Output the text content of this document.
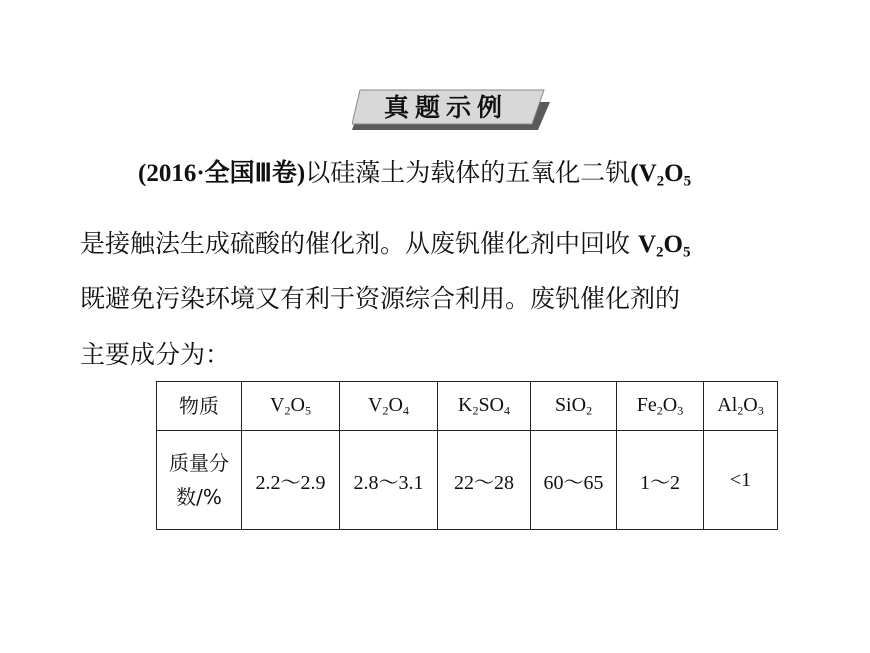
真题示例
(2016·全国Ⅲ卷)以硅藻土为载体的五氧化二钒($V_2O_5$
是接触法生成硫酸的催化剂。从废钒催化剂中回收 $V_2O_5$
既避免污染环境又有利于资源综合利用。废钒催化剂的
主要成分为：
物质	$V_2O_5$	$V_2O_4$	$K_2SO_4$	SiO$_2$	$Fe_2O_3$	$Al_2O_3$

质量分
数/%	2.2～2.9	2.8～3.1	22～28	60～65	1～2	<1
